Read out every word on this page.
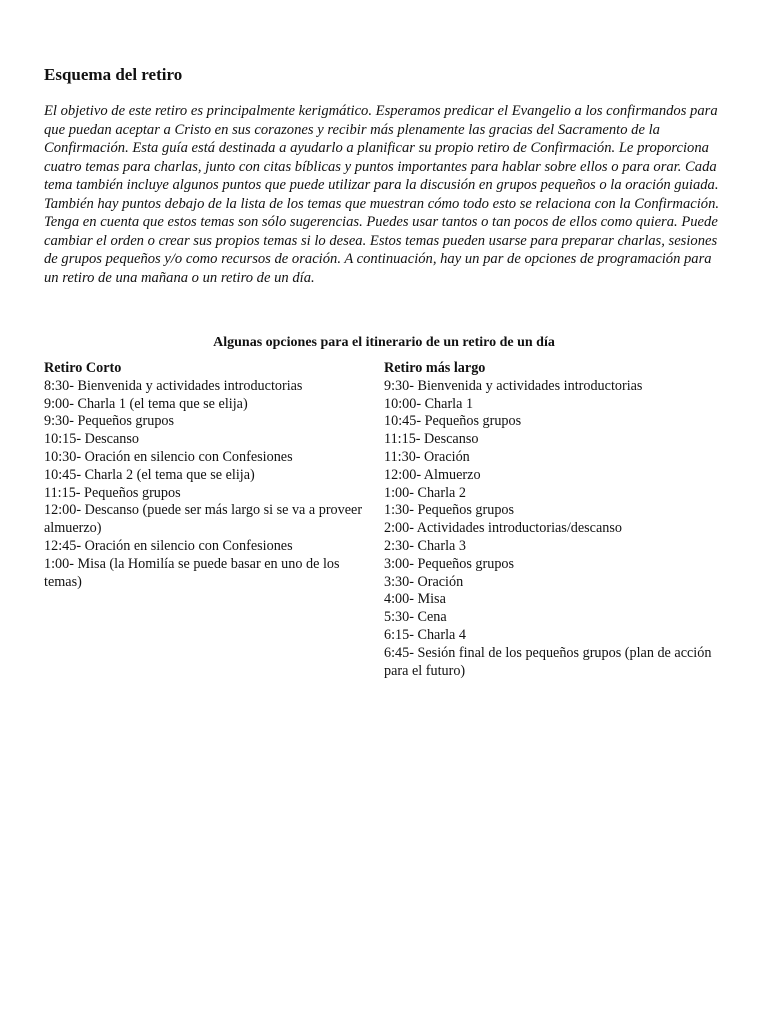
Esquema del retiro

El objetivo de este retiro es principalmente kerigmático. Esperamos predicar el Evangelio a los confirmandos para que puedan aceptar a Cristo en sus corazones y recibir más plenamente las gracias del Sacramento de la Confirmación. Esta guía está destinada a ayudarlo a planificar su propio retiro de Confirmación. Le proporciona cuatro temas para charlas, junto con citas bíblicas y puntos importantes para hablar sobre ellos o para orar. Cada tema también incluye algunos puntos que puede utilizar para la discusión en grupos pequeños o la oración guiada. También hay puntos debajo de la lista de los temas que muestran cómo todo esto se relaciona con la Confirmación. Tenga en cuenta que estos temas son sólo sugerencias. Puedes usar tantos o tan pocos de ellos como quiera. Puede cambiar el orden o crear sus propios temas si lo desea. Estos temas pueden usarse para preparar charlas, sesiones de grupos pequeños y/o como recursos de oración. A continuación, hay un par de opciones de programación para un retiro de una mañana o un retiro de un día.

Algunas opciones para el itinerario de un retiro de un día

Retiro Corto

8:30- Bienvenida y actividades introductorias
9:00- Charla 1 (el tema que se elija)
9:30- Pequeños grupos
10:15- Descanso
10:30- Oración en silencio con Confesiones
10:45- Charla 2 (el tema que se elija)
11:15- Pequeños grupos
12:00- Descanso (puede ser más largo si se va a proveer almuerzo)
12:45- Oración en silencio con Confesiones
1:00- Misa (la Homilía se puede basar en uno de los temas)

Retiro más largo

9:30- Bienvenida y actividades introductorias
10:00- Charla 1
10:45- Pequeños grupos
11:15- Descanso
11:30- Oración
12:00- Almuerzo
1:00- Charla 2
1:30- Pequeños grupos
2:00- Actividades introductorias/descanso
2:30- Charla 3
3:00- Pequeños grupos
3:30- Oración
4:00- Misa
5:30- Cena
6:15- Charla 4
6:45- Sesión final de los pequeños grupos (plan de acción para el futuro)
